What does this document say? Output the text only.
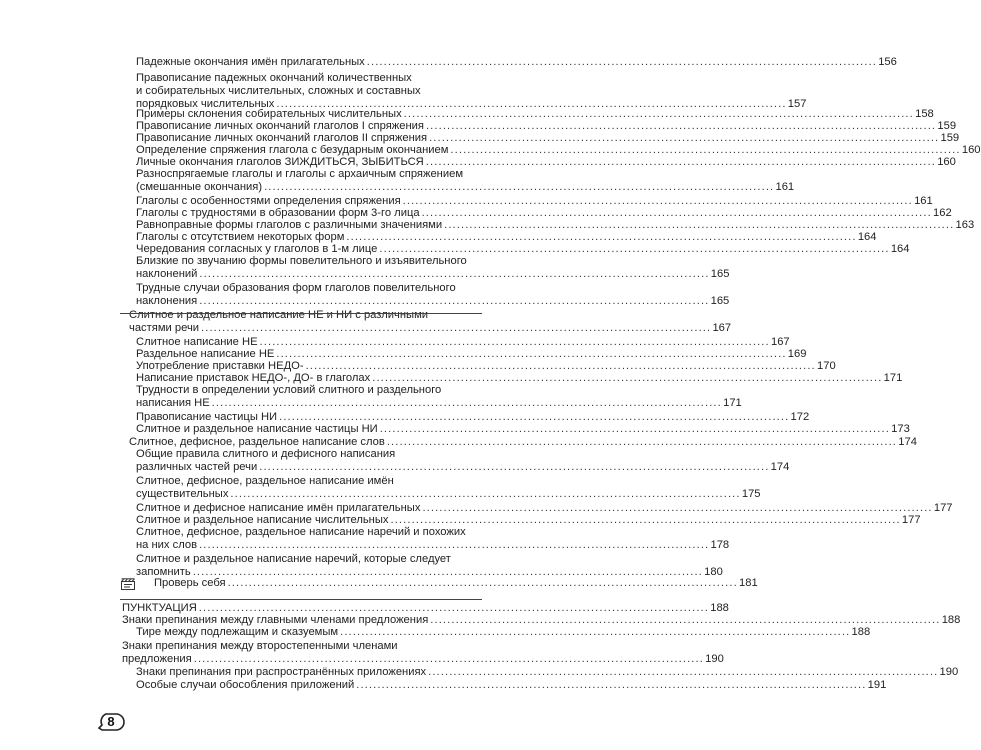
Падежные окончания имён прилагательных . . .	156
Правописание падежных окончаний количественных
и собирательных числительных, сложных и составных
порядковых числительных . . .	157
Примеры склонения собирательных числительных . . .	158
Правописание личных окончаний глаголов I спряжения . . .	159
Правописание личных окончаний глаголов II спряжения . . .	159
Определение спряжения глагола с безударным окончанием . . .	160
Личные окончания глаголов ЗИЖДИТЬСЯ, ЗЫБИТЬСЯ . . .	160
Разноспрягаемые глаголы и глаголы с архаичным спряжением
(смешанные окончания) . . .	161
Глаголы с особенностями определения спряжения . . .	161
Глаголы с трудностями в образовании форм 3-го лица . . .	162
Равноправные формы глаголов с различными значениями . . .	163
Глаголы с отсутствием некоторых форм . . .	164
Чередования согласных у глаголов в 1-м лице . . .	164
Близкие по звучанию формы повелительного и изъявительного
наклонений . . .	165
Трудные случаи образования форм глаголов повелительного
наклонения . . .	165
Слитное и раздельное написание НЕ и НИ с различными
частями речи . . .	167
Слитное написание НЕ . . .	167
Раздельное написание НЕ . . .	169
Употребление приставки НЕДО- . . .	170
Написание приставок НЕДО-, ДО- в глаголах . . .	171
Трудности в определении условий слитного и раздельного
написания НЕ . . .	171
Правописание частицы НИ . . .	172
Слитное и раздельное написание частицы НИ . . .	173
Слитное, дефисное, раздельное написание слов . . .	174
Общие правила слитного и дефисного написания
различных частей речи . . .	174
Слитное, дефисное, раздельное написание имён
существительных . . .	175
Слитное и дефисное написание имён прилагательных . . .	177
Слитное и раздельное написание числительных . . .	177
Слитное, дефисное, раздельное написание наречий и похожих
на них слов . . .	178
Слитное и раздельное написание наречий, которые следует
запомнить . . .	180
Проверь себя . . .	181
ПУНКТУАЦИЯ . . .	188
Знаки препинания между главными членами предложения . . .	188
Тире между подлежащим и сказуемым . . .	188
Знаки препинания между второстепенными членами
предложения . . .	190
Знаки препинания при распространённых приложениях . . .	190
Особые случаи обособления приложений . . .	191
8
